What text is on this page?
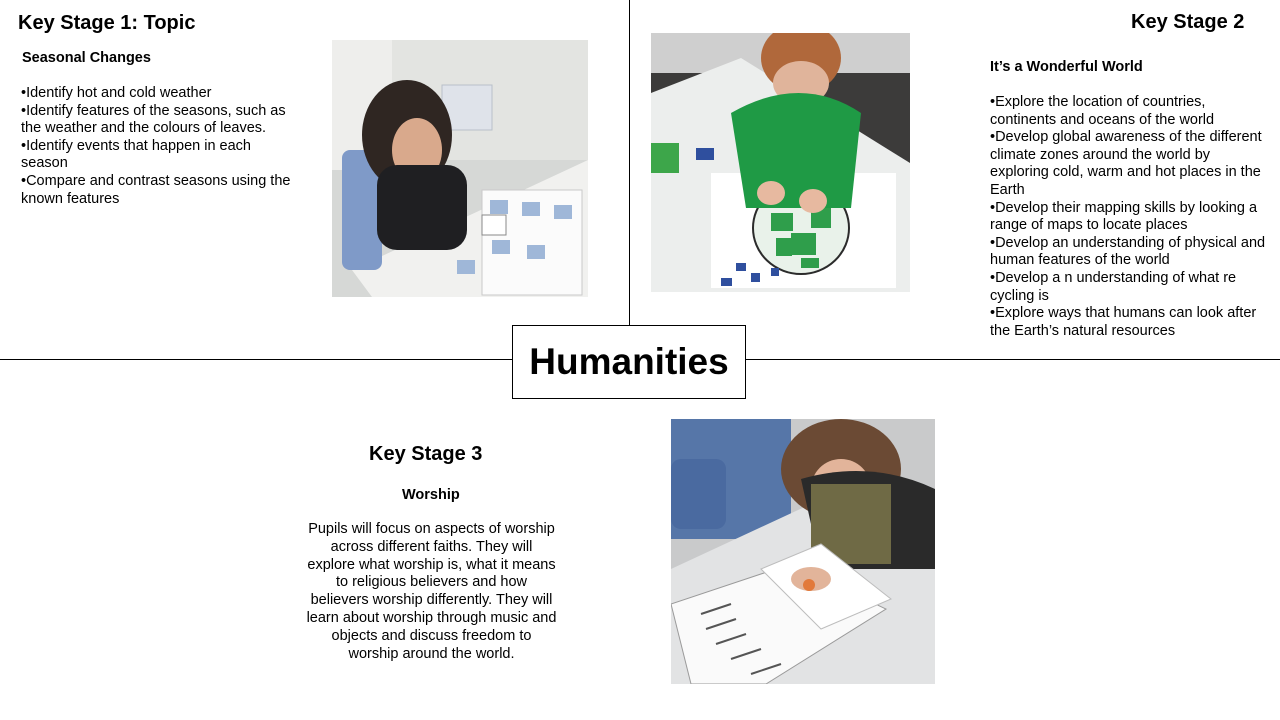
Humanities
Key Stage 1: Topic
Seasonal Changes
•Identify hot and cold weather
•Identify features of the seasons, such as the weather and the colours of leaves.
•Identify events that happen in each season
•Compare and contrast seasons using the known features
Key Stage 2
It’s a Wonderful World
•Explore the location of countries, continents and oceans of the world
•Develop global awareness of the different climate zones around the world by exploring cold, warm and hot places in the Earth
•Develop their mapping skills by looking a range of maps to locate places
•Develop an understanding of physical and human features of the world
•Develop a n understanding of what re cycling is
•Explore ways that humans can look after the Earth’s natural resources
Key Stage 3
Worship
Pupils will focus on aspects of worship across different faiths. They will explore what worship is, what it means to religious believers and how believers worship differently. They will learn about worship through music and objects and discuss freedom to worship around the world.
